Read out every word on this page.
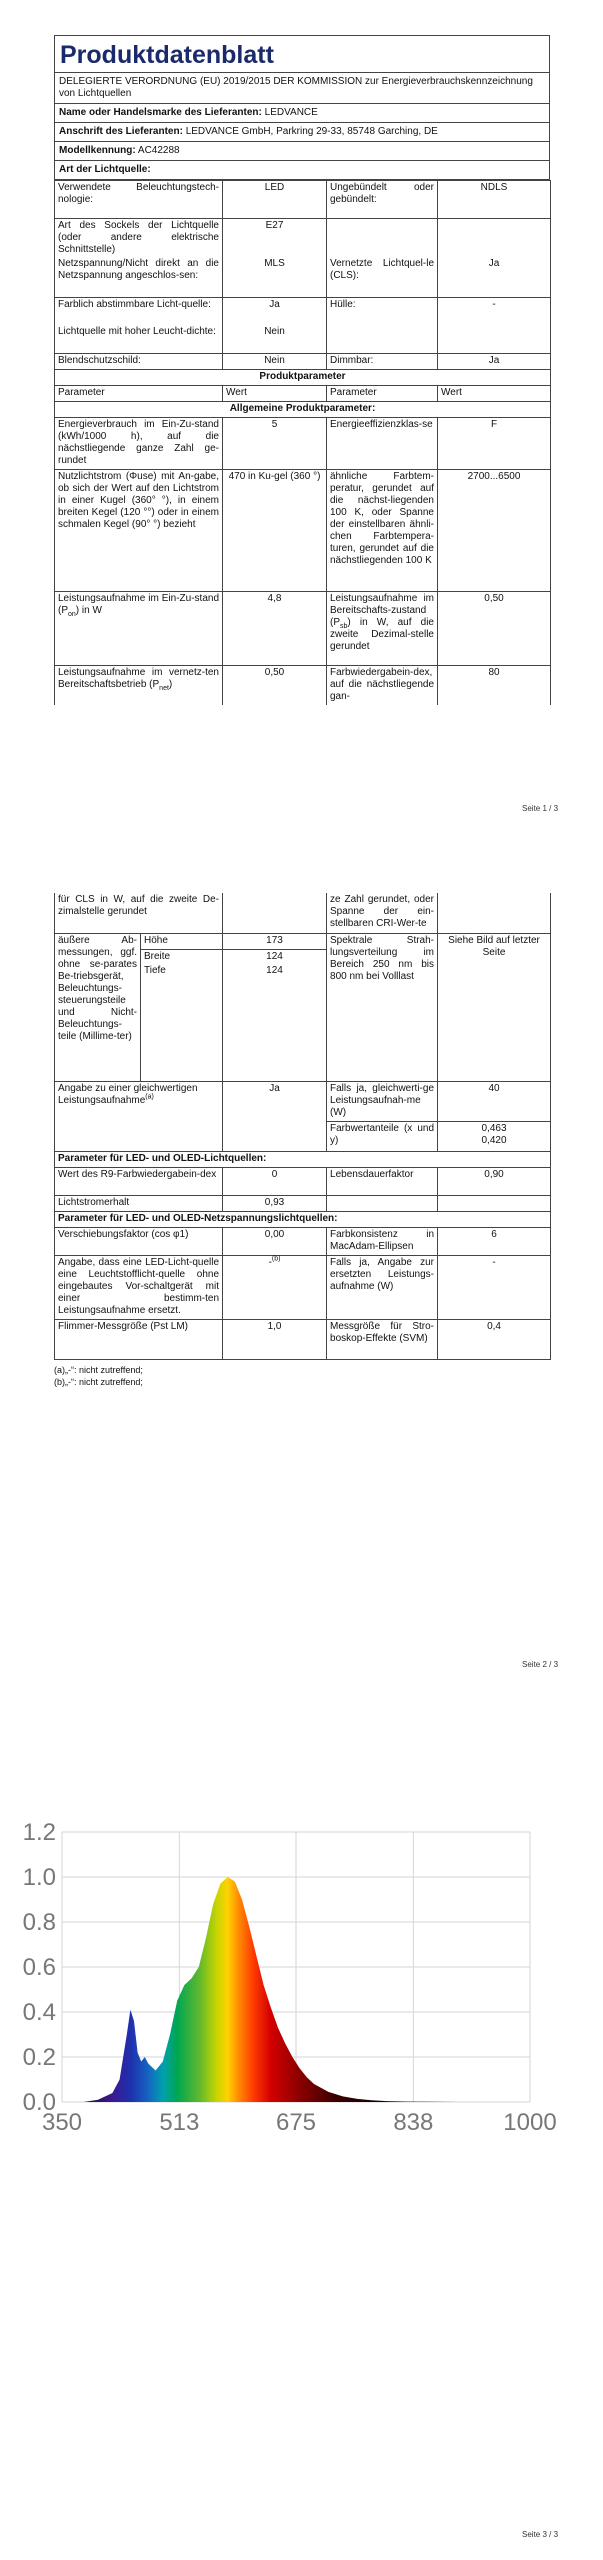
Produktdatenblatt
DELEGIERTE VERORDNUNG (EU) 2019/2015 DER KOMMISSION zur Energieverbrauchskennzeichnung von Lichtquellen
Name oder Handelsmarke des Lieferanten: LEDVANCE
Anschrift des Lieferanten: LEDVANCE GmbH, Parkring 29-33, 85748 Garching, DE
Modellkennung: AC42288
Art der Lichtquelle:
Verwendete Beleuchtungstech-nologie:	LED	Ungebündelt oder gebündelt:	NDLS
Art des Sockels der Lichtquelle (oder andere elektrische Schnittstelle)	E27		
Netzspannung/Nicht direkt an die Netzspannung angeschlos-sen:	MLS	Vernetzte Lichtquel-le (CLS):	Ja
Farblich abstimmbare Licht-quelle:	Ja	Hülle:	-
Lichtquelle mit hoher Leucht-dichte:	Nein		
Blendschutzschild:	Nein	Dimmbar:	Ja
Produktparameter			
Parameter	Wert	Parameter	Wert
Allgemeine Produktparameter:			
Energieverbrauch im Ein-Zu-stand (kWh/1000 h), auf die nächstliegende ganze Zahl ge-rundet	5	Energieeffizienzklas-se	F
Nutzlichtstrom (Φuse) mit An-gabe, ob sich der Wert auf den Lichtstrom in einer Kugel (360° °), in einem breiten Kegel (120 °°) oder in einem schmalen Kegel (90° °) bezieht	470 in Ku-gel (360 °)	ähnliche Farbtem-peratur, gerundet auf die nächst-liegenden 100 K, oder Spanne der einstellbaren ähnli-chen Farbtempera-turen, gerundet auf die nächstliegenden 100 K	2700...6500
Leistungsaufnahme im Ein-Zu-stand $(P_{on})$ in W	4,8	Leistungsaufnahme im Bereitschafts-zustand $(P_{sb})$ in W, auf die zweite Dezimal-stelle gerundet	0,50
Leistungsaufnahme im vernetz-ten Bereitschaftsbetrieb $(P_{net})$	0,50	Farbwiedergabein-dex, auf die nächstliegende gan-	80
Seite 1 / 3
für CLS in W, auf die zweite De-zimalstelle gerundet			ze Zahl gerundet, oder Spanne der ein-stellbaren CRI-Wer-te	
äußere Ab-messungen, ggf. ohne se-parates Be-triebsgerät, Beleuchtungs-steuerungsteile und Nicht-Beleuchtungs-teile (Millime-ter)	Höhe	173	Spektrale Strah-lungsverteilung im Bereich 250 nm bis 800 nm bei Volllast	Siehe Bild auf letzter Seite
	Breite	124		
	Tiefe	124		
Angabe zu einer gleichwertigen Leistungsaufnahme$^{(a)}$		Ja	Falls ja, gleichwerti-ge Leistungsaufnah-me (W)	40
			Farbwertanteile (x und y)	0,463
0,420

Parameter für LED- und OLED-Lichtquellen:				
Wert des R9-Farbwiedergabein-dex		0	Lebensdauerfaktor	0,90
Lichtstromerhalt		0,93		
Parameter für LED- und OLED-Netzspannungslichtquellen:				
Verschiebungsfaktor (cos φ1)		0,00	Farbkonsistenz in MacAdam-Ellipsen	6
Angabe, dass eine LED-Licht-quelle eine Leuchtstofflicht-quelle ohne eingebautes Vor-schaltgerät mit einer bestimm-ten Leistungsaufnahme ersetzt.		-$^{(b)}$	Falls ja, Angabe zur ersetzten Leistungs-aufnahme (W)	-
Flimmer-Messgröße (Pst LM)		1,0	Messgröße für Stro-boskop-Effekte (SVM)	0,4
(a)„-“: nicht zutreffend;
(b)„-“: nicht zutreffend;
Seite 2 / 3
0.0
0.2
0.4
0.6
0.8
1.0
1.2
350	513	675	838	1000
Seite 3 / 3
